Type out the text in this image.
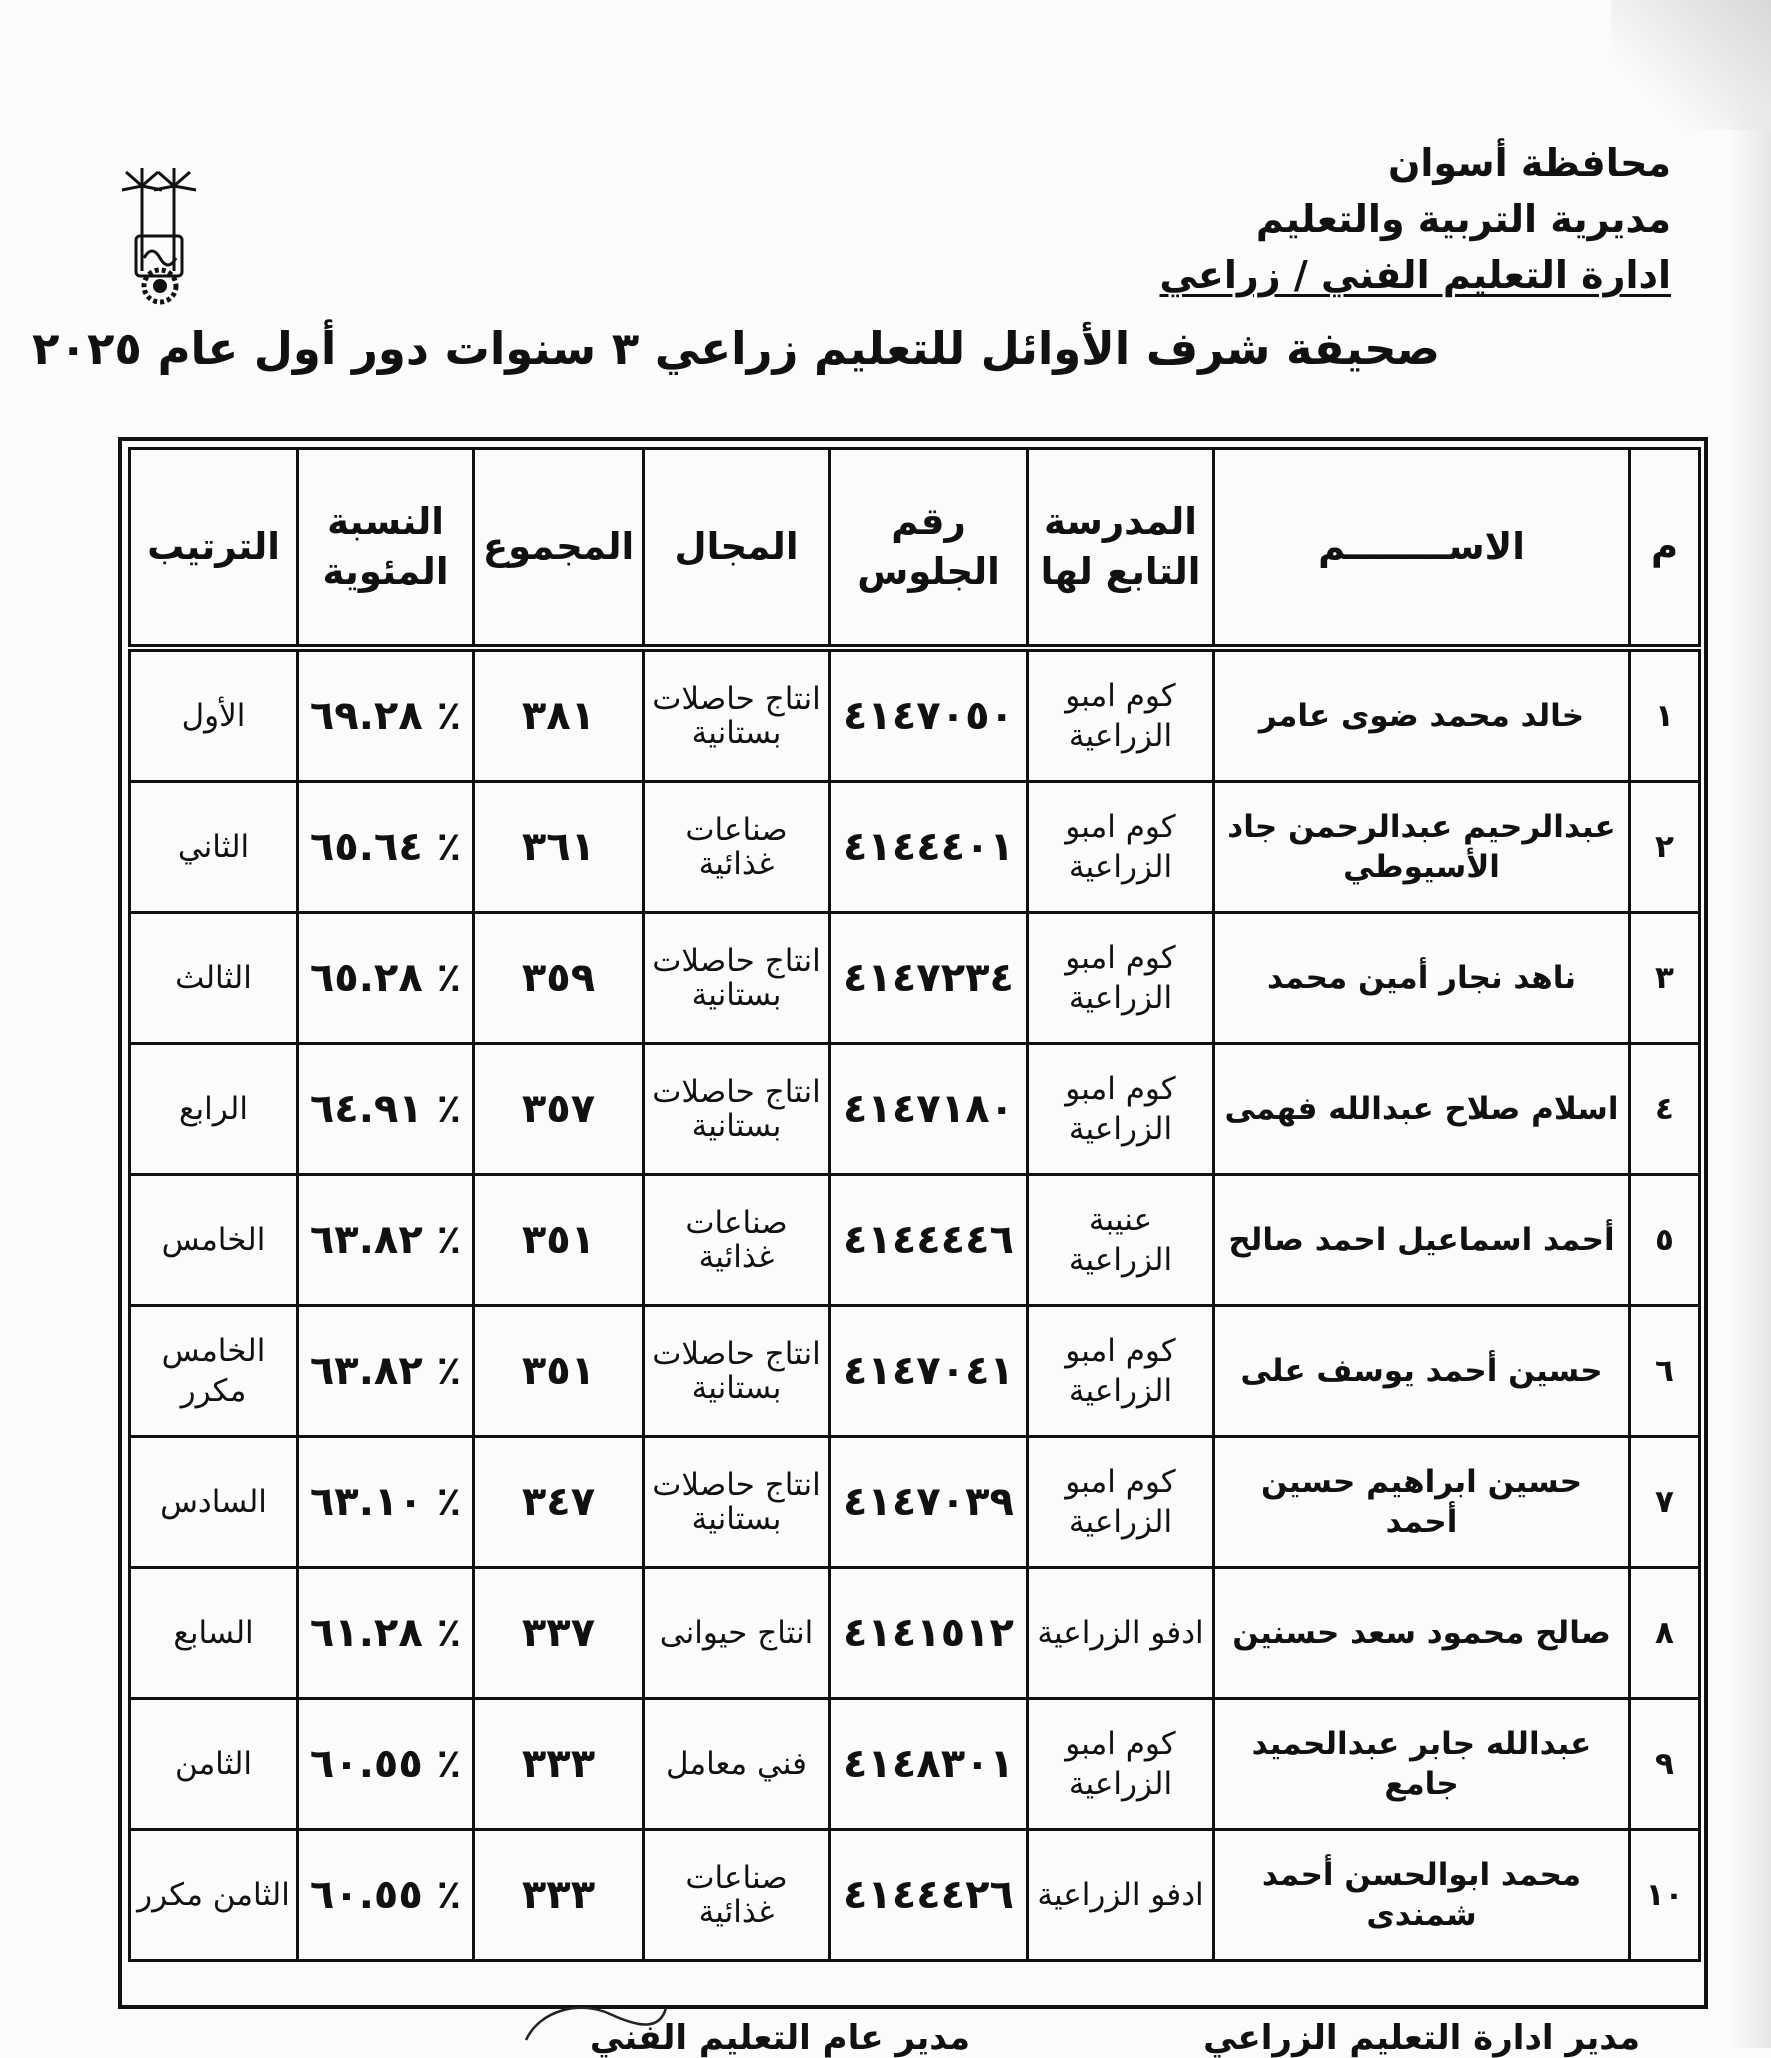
محافظة أسوان
مديرية التربية والتعليم
ادارة التعليم الفني / زراعي
صحيفة شرف الأوائل للتعليم زراعي ٣ سنوات دور أول عام ٢٠٢٥
م	الاســــــــم	المدرسة التابع لها	رقم الجلوس	المجال	المجموع	النسبة المئوية	الترتيب
١	خالد محمد ضوى عامر	كوم امبو الزراعية	٤١٤٧٠٥٠	انتاج حاصلات بستانية	٣٨١	٪ ٦٩.٢٨	الأول
٢	عبدالرحيم عبدالرحمن جاد الأسيوطي	كوم امبو الزراعية	٤١٤٤٤٠١	صناعات غذائية	٣٦١	٪ ٦٥.٦٤	الثاني
٣	ناهد نجار أمين محمد	كوم امبو الزراعية	٤١٤٧٢٣٤	انتاج حاصلات بستانية	٣٥٩	٪ ٦٥.٢٨	الثالث
٤	اسلام صلاح عبدالله فهمى	كوم امبو الزراعية	٤١٤٧١٨٠	انتاج حاصلات بستانية	٣٥٧	٪ ٦٤.٩١	الرابع
٥	أحمد اسماعيل احمد صالح	عنيبة الزراعية	٤١٤٤٤٤٦	صناعات غذائية	٣٥١	٪ ٦٣.٨٢	الخامس
٦	حسين أحمد يوسف على	كوم امبو الزراعية	٤١٤٧٠٤١	انتاج حاصلات بستانية	٣٥١	٪ ٦٣.٨٢	الخامس مكرر
٧	حسين ابراهيم حسين أحمد	كوم امبو الزراعية	٤١٤٧٠٣٩	انتاج حاصلات بستانية	٣٤٧	٪ ٦٣.١٠	السادس
٨	صالح محمود سعد حسنين	ادفو الزراعية	٤١٤١٥١٢	انتاج حيوانى	٣٣٧	٪ ٦١.٢٨	السابع
٩	عبدالله جابر عبدالحميد جامع	كوم امبو الزراعية	٤١٤٨٣٠١	فني معامل	٣٣٣	٪ ٦٠.٥٥	الثامن
١٠	محمد ابوالحسن أحمد شمندى	ادفو الزراعية	٤١٤٤٤٢٦	صناعات غذائية	٣٣٣	٪ ٦٠.٥٥	الثامن مكرر
مدير ادارة التعليم الزراعي
مدير عام التعليم الفني
